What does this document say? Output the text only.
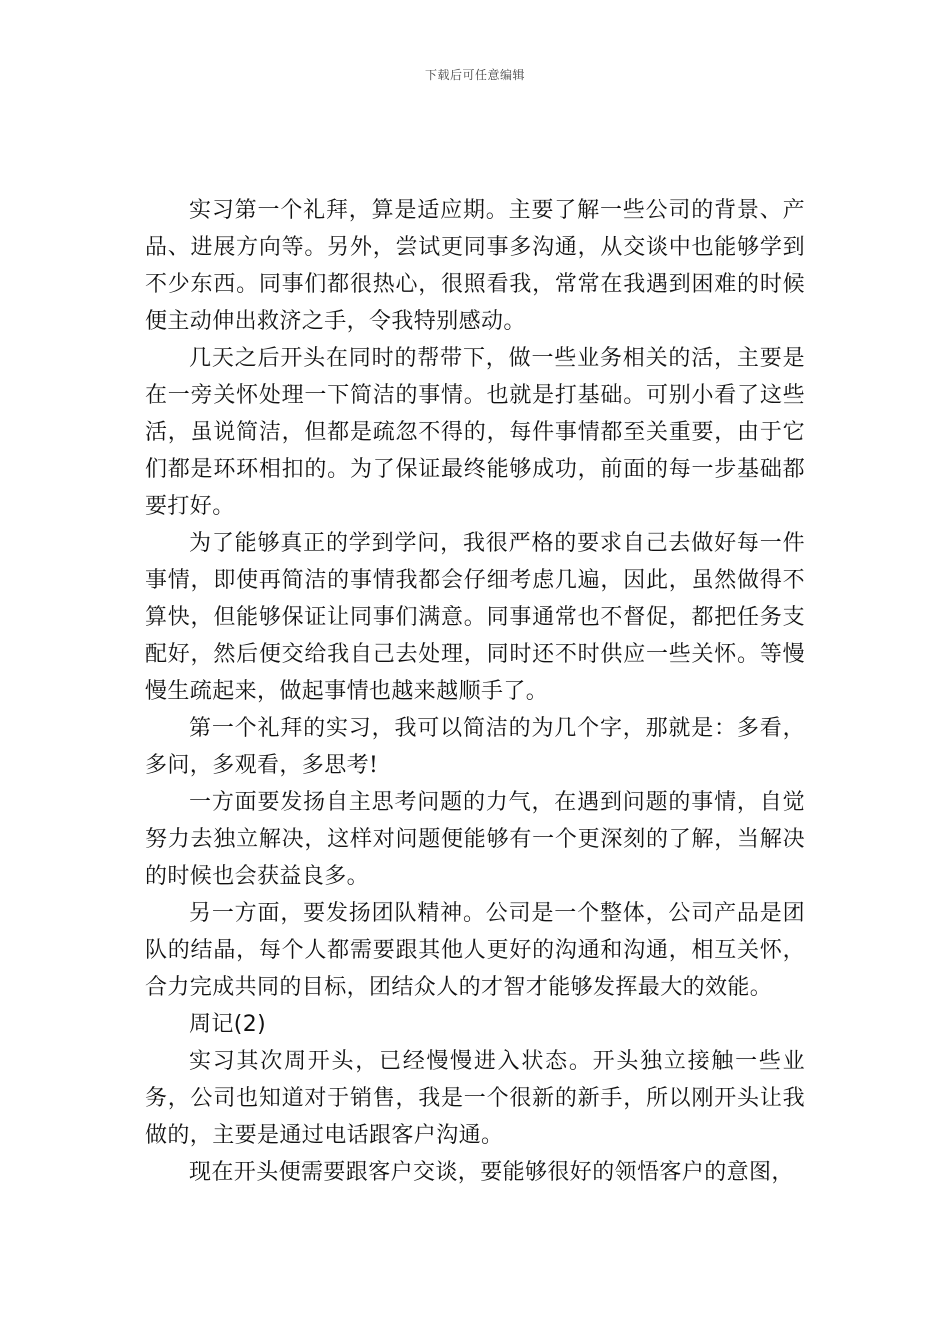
下载后可任意编辑

实习第一个礼拜，算是适应期。主要了解一些公司的背景、产品、进展方向等。另外，尝试更同事多沟通，从交谈中也能够学到不少东西。同事们都很热心，很照看我，常常在我遇到困难的时候便主动伸出救济之手，令我特别感动。

几天之后开头在同时的帮带下，做一些业务相关的活，主要是在一旁关怀处理一下简洁的事情。也就是打基础。可别小看了这些活，虽说简洁，但都是疏忽不得的，每件事情都至关重要，由于它们都是环环相扣的。为了保证最终能够成功，前面的每一步基础都要打好。

为了能够真正的学到学问，我很严格的要求自己去做好每一件事情，即使再简洁的事情我都会仔细考虑几遍，因此，虽然做得不算快，但能够保证让同事们满意。同事通常也不督促，都把任务支配好，然后便交给我自己去处理，同时还不时供应一些关怀。等慢慢生疏起来，做起事情也越来越顺手了。

第一个礼拜的实习，我可以简洁的为几个字，那就是：多看，多问，多观看，多思考!

一方面要发扬自主思考问题的力气，在遇到问题的事情，自觉努力去独立解决，这样对问题便能够有一个更深刻的了解，当解决的时候也会获益良多。

另一方面，要发扬团队精神。公司是一个整体，公司产品是团队的结晶，每个人都需要跟其他人更好的沟通和沟通，相互关怀，合力完成共同的目标，团结众人的才智才能够发挥最大的效能。

周记(2)

实习其次周开头，已经慢慢进入状态。开头独立接触一些业务，公司也知道对于销售，我是一个很新的新手，所以刚开头让我做的，主要是通过电话跟客户沟通。

现在开头便需要跟客户交谈，要能够很好的领悟客户的意图，
